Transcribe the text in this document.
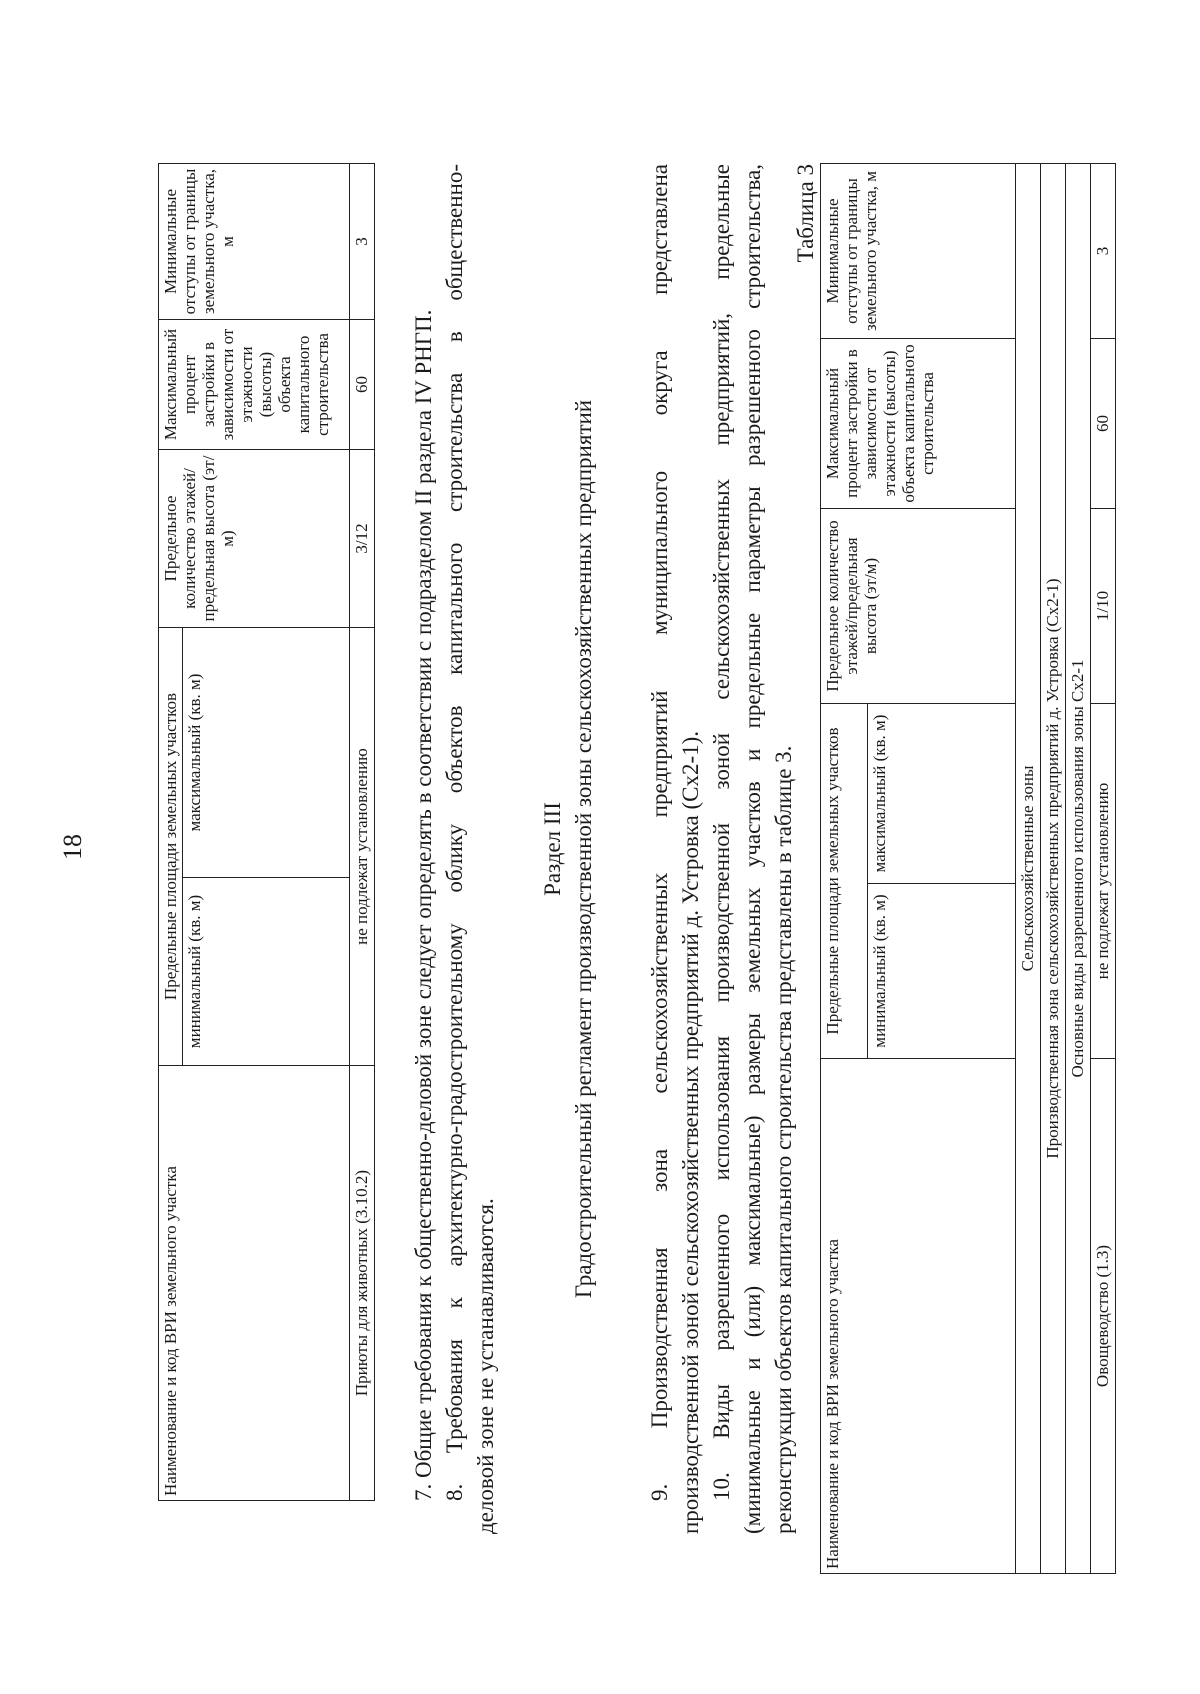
18
Наименование и код ВРИ земельного участка	Предельные площади земельных участков		Предельное количество этажей/предельная высота (эт/м)	Максимальный процент застройки в зависимости от этажности (высоты) объекта капитального строительства	Минимальные отступы от границы земельного участка, м
	минимальный (кв. м)	максимальный (кв. м)			
Приюты для животных (3.10.2)	не подлежат установлению		3/12	60	3
7. Общие требования к общественно-деловой зоне следует определять в соответствии с подразделом II раздела IV РНГП. 8. Требования к архитектурно-градостроительному облику объектов капитального строительства в общественно- деловой зоне не устанавливаются.
Раздел III Градостроительный регламент производственной зоны сельскохозяйственных предприятий 9. Производственная зона сельскохозяйственных предприятий муниципального округа представлена производственной зоной сельскохозяйственных предприятий д. Устровка (Сх2-1). 10. Виды разрешенного использования производственной зоной сельскохозяйственных предприятий, предельные (минимальные и (или) максимальные) размеры земельных участков и предельные параметры разрешенного строительства, реконструкции объектов капитального строительства представлены в таблице 3.
Таблица 3
Наименование и код ВРИ земельного участка	Предельные площади земельных участков		Предельное количество этажей/предельная высота (эт/м)	Максимальный процент застройки в зависимости от этажности (высоты) объекта капитального строительства	Минимальные отступы от границы земельного участка, м
	минимальный (кв. м)	максимальный (кв. м)			
Сельскохозяйственные зоны					
Производственная зона сельскохозяйственных предприятий д. Устровка (Сх2-1)					
Основные виды разрешенного использования зоны Сх2-1					
Овощеводство (1.3)	не подлежат установлению		1/10	60	3
